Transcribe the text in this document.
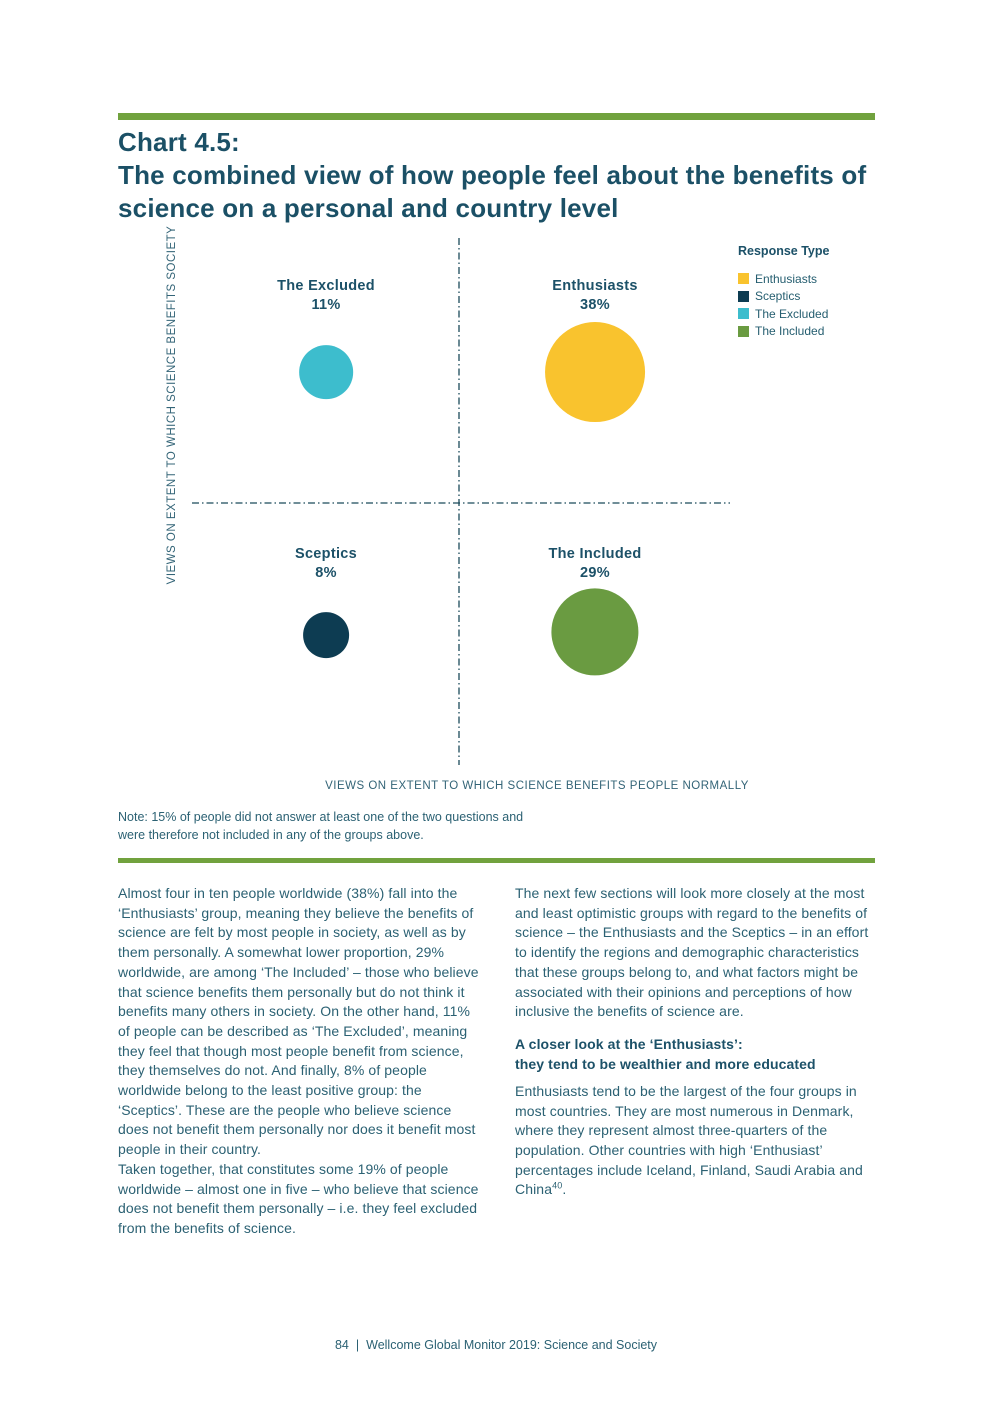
Chart 4.5:
The combined view of how people feel about the benefits of science on a personal and country level
VIEWS ON EXTENT TO WHICH SCIENCE BENEFITS SOCIETY
VIEWS ON EXTENT TO WHICH SCIENCE BENEFITS PEOPLE NORMALLY
The Excluded
11%
Enthusiasts
38%
Sceptics
8%
The Included
29%
Response Type
Enthusiasts
Sceptics
The Excluded
The Included
Note: 15% of people did not answer at least one of the two questions and were therefore not included in any of the groups above.

Almost four in ten people worldwide (38%) fall into the ‘Enthusiasts’ group, meaning they believe the benefits of science are felt by most people in society, as well as by them personally. A somewhat lower proportion, 29% worldwide, are among ‘The Included’ – those who believe that science benefits them personally but do not think it benefits many others in society. On the other hand, 11% of people can be described as ‘The Excluded’, meaning they feel that though most people benefit from science, they themselves do not. And finally, 8% of people worldwide belong to the least positive group: the ‘Sceptics’. These are the people who believe science does not benefit them personally nor does it benefit most people in their country.

Taken together, that constitutes some 19% of people worldwide – almost one in five – who believe that science does not benefit them personally – i.e. they feel excluded from the benefits of science.

The next few sections will look more closely at the most and least optimistic groups with regard to the benefits of science – the Enthusiasts and the Sceptics – in an effort to identify the regions and demographic characteristics that these groups belong to, and what factors might be associated with their opinions and perceptions of how inclusive the benefits of science are.

A closer look at the ‘Enthusiasts’:
they tend to be wealthier and more educated

Enthusiasts tend to be the largest of the four groups in most countries. They are most numerous in Denmark, where they represent almost three-quarters of the population. Other countries with high ‘Enthusiast’ percentages include Iceland, Finland, Saudi Arabia and China$^{40}$.

84 | Wellcome Global Monitor 2019: Science and Society
